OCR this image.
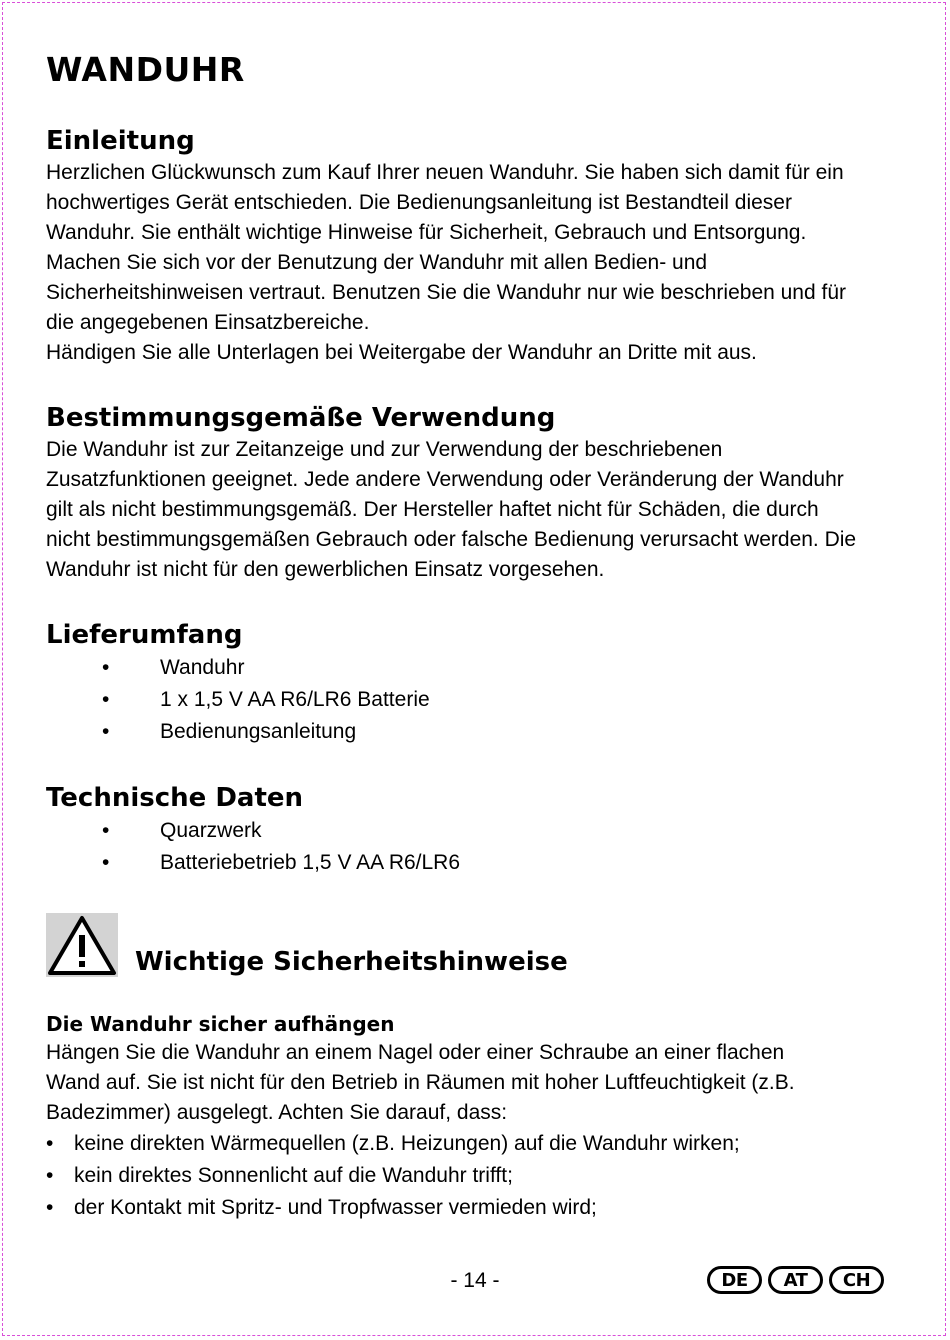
WANDUHR
Einleitung

Herzlichen Glückwunsch zum Kauf Ihrer neuen Wanduhr. Sie haben sich damit für ein
hochwertiges Gerät entschieden. Die Bedienungsanleitung ist Bestandteil dieser
Wanduhr. Sie enthält wichtige Hinweise für Sicherheit, Gebrauch und Entsorgung.
Machen Sie sich vor der Benutzung der Wanduhr mit allen Bedien- und
Sicherheitshinweisen vertraut. Benutzen Sie die Wanduhr nur wie beschrieben und für
die angegebenen Einsatzbereiche.
Händigen Sie alle Unterlagen bei Weitergabe der Wanduhr an Dritte mit aus.

Bestimmungsgemäße Verwendung

Die Wanduhr ist zur Zeitanzeige und zur Verwendung der beschriebenen
Zusatzfunktionen geeignet. Jede andere Verwendung oder Veränderung der Wanduhr
gilt als nicht bestimmungsgemäß. Der Hersteller haftet nicht für Schäden, die durch
nicht bestimmungsgemäßen Gebrauch oder falsche Bedienung verursacht werden. Die
Wanduhr ist nicht für den gewerblichen Einsatz vorgesehen.

Lieferumfang
• Wanduhr
• 1 x 1,5 V AA R6/LR6 Batterie
• Bedienungsanleitung
Technische Daten
• Quarzwerk
• Batteriebetrieb 1,5 V AA R6/LR6
Wichtige Sicherheitshinweise
Die Wanduhr sicher aufhängen

Hängen Sie die Wanduhr an einem Nagel oder einer Schraube an einer flachen
Wand auf. Sie ist nicht für den Betrieb in Räumen mit hoher Luftfeuchtigkeit (z.B.
Badezimmer) ausgelegt. Achten Sie darauf, dass:

• keine direkten Wärmequellen (z.B. Heizungen) auf die Wanduhr wirken;
• kein direktes Sonnenlicht auf die Wanduhr trifft;
• der Kontakt mit Spritz- und Tropfwasser vermieden wird;
- 14 -	DE	AT	CH
